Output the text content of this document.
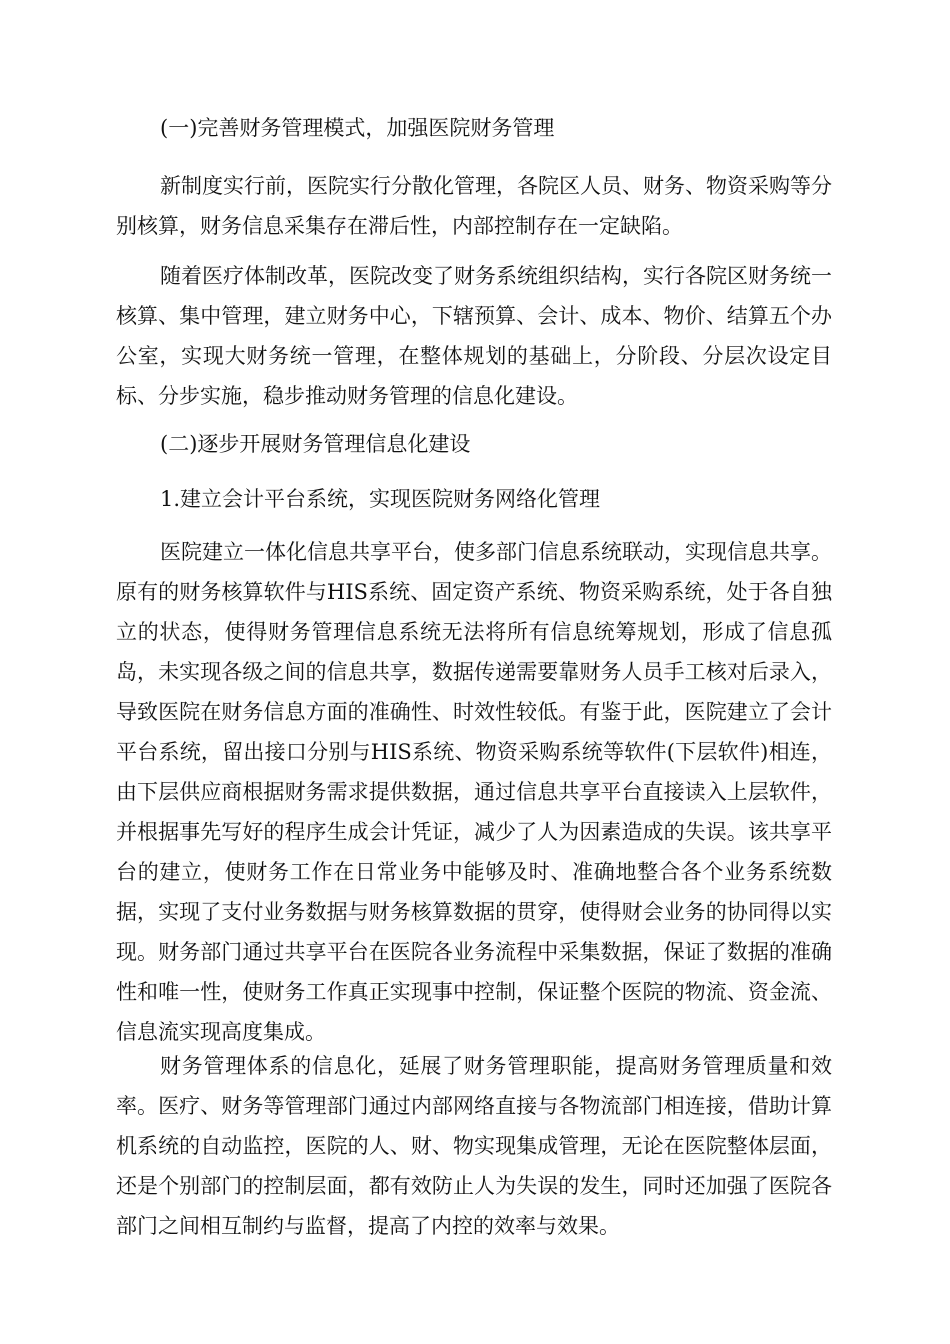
(一)完善财务管理模式，加强医院财务管理

新制度实行前，医院实行分散化管理，各院区人员、财务、物资采购等分别核算，财务信息采集存在滞后性，内部控制存在一定缺陷。

随着医疗体制改革，医院改变了财务系统组织结构，实行各院区财务统一核算、集中管理，建立财务中心，下辖预算、会计、成本、物价、结算五个办公室，实现大财务统一管理，在整体规划的基础上，分阶段、分层次设定目标、分步实施，稳步推动财务管理的信息化建设。

(二)逐步开展财务管理信息化建设

1.建立会计平台系统，实现医院财务网络化管理

医院建立一体化信息共享平台，使多部门信息系统联动，实现信息共享。原有的财务核算软件与HIS系统、固定资产系统、物资采购系统，处于各自独立的状态，使得财务管理信息系统无法将所有信息统筹规划，形成了信息孤岛，未实现各级之间的信息共享，数据传递需要靠财务人员手工核对后录入，导致医院在财务信息方面的准确性、时效性较低。有鉴于此，医院建立了会计平台系统，留出接口分别与HIS系统、物资采购系统等软件(下层软件)相连，由下层供应商根据财务需求提供数据，通过信息共享平台直接读入上层软件，并根据事先写好的程序生成会计凭证，减少了人为因素造成的失误。该共享平台的建立，使财务工作在日常业务中能够及时、准确地整合各个业务系统数据，实现了支付业务数据与财务核算数据的贯穿，使得财会业务的协同得以实现。财务部门通过共享平台在医院各业务流程中采集数据，保证了数据的准确性和唯一性，使财务工作真正实现事中控制，保证整个医院的物流、资金流、信息流实现高度集成。

财务管理体系的信息化，延展了财务管理职能，提高财务管理质量和效率。医疗、财务等管理部门通过内部网络直接与各物流部门相连接，借助计算机系统的自动监控，医院的人、财、物实现集成管理，无论在医院整体层面，还是个别部门的控制层面，都有效防止人为失误的发生，同时还加强了医院各部门之间相互制约与监督，提高了内控的效率与效果。
